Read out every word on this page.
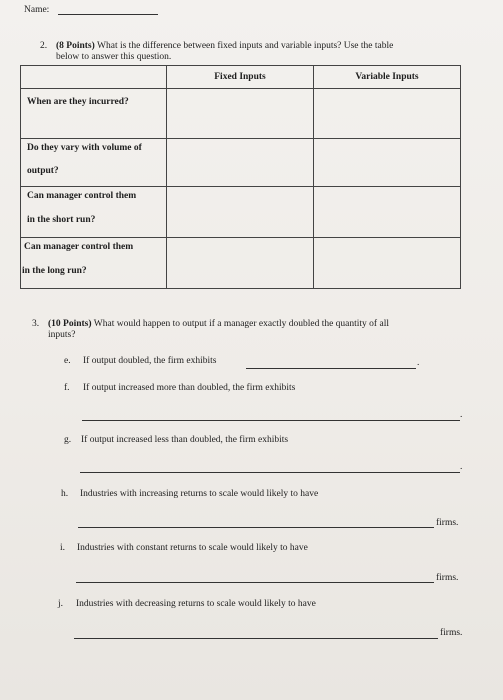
Name:
2. (8 Points) What is the difference between fixed inputs and variable inputs? Use the table
below to answer this question.
	Fixed Inputs	Variable Inputs

When are they incurred?		

Do they vary with volume of
output?		

Can manager control them
in the short run?		

Can manager control them
in the long run?		

3. (10 Points) What would happen to output if a manager exactly doubled the quantity of all
inputs?
e. If output doubled, the firm exhibits	.
f. If output increased more than doubled, the firm exhibits
.
g. If output increased less than doubled, the firm exhibits
.
h. Industries with increasing returns to scale would likely to have
firms.
i. Industries with constant returns to scale would likely to have
firms.
j. Industries with decreasing returns to scale would likely to have
firms.
